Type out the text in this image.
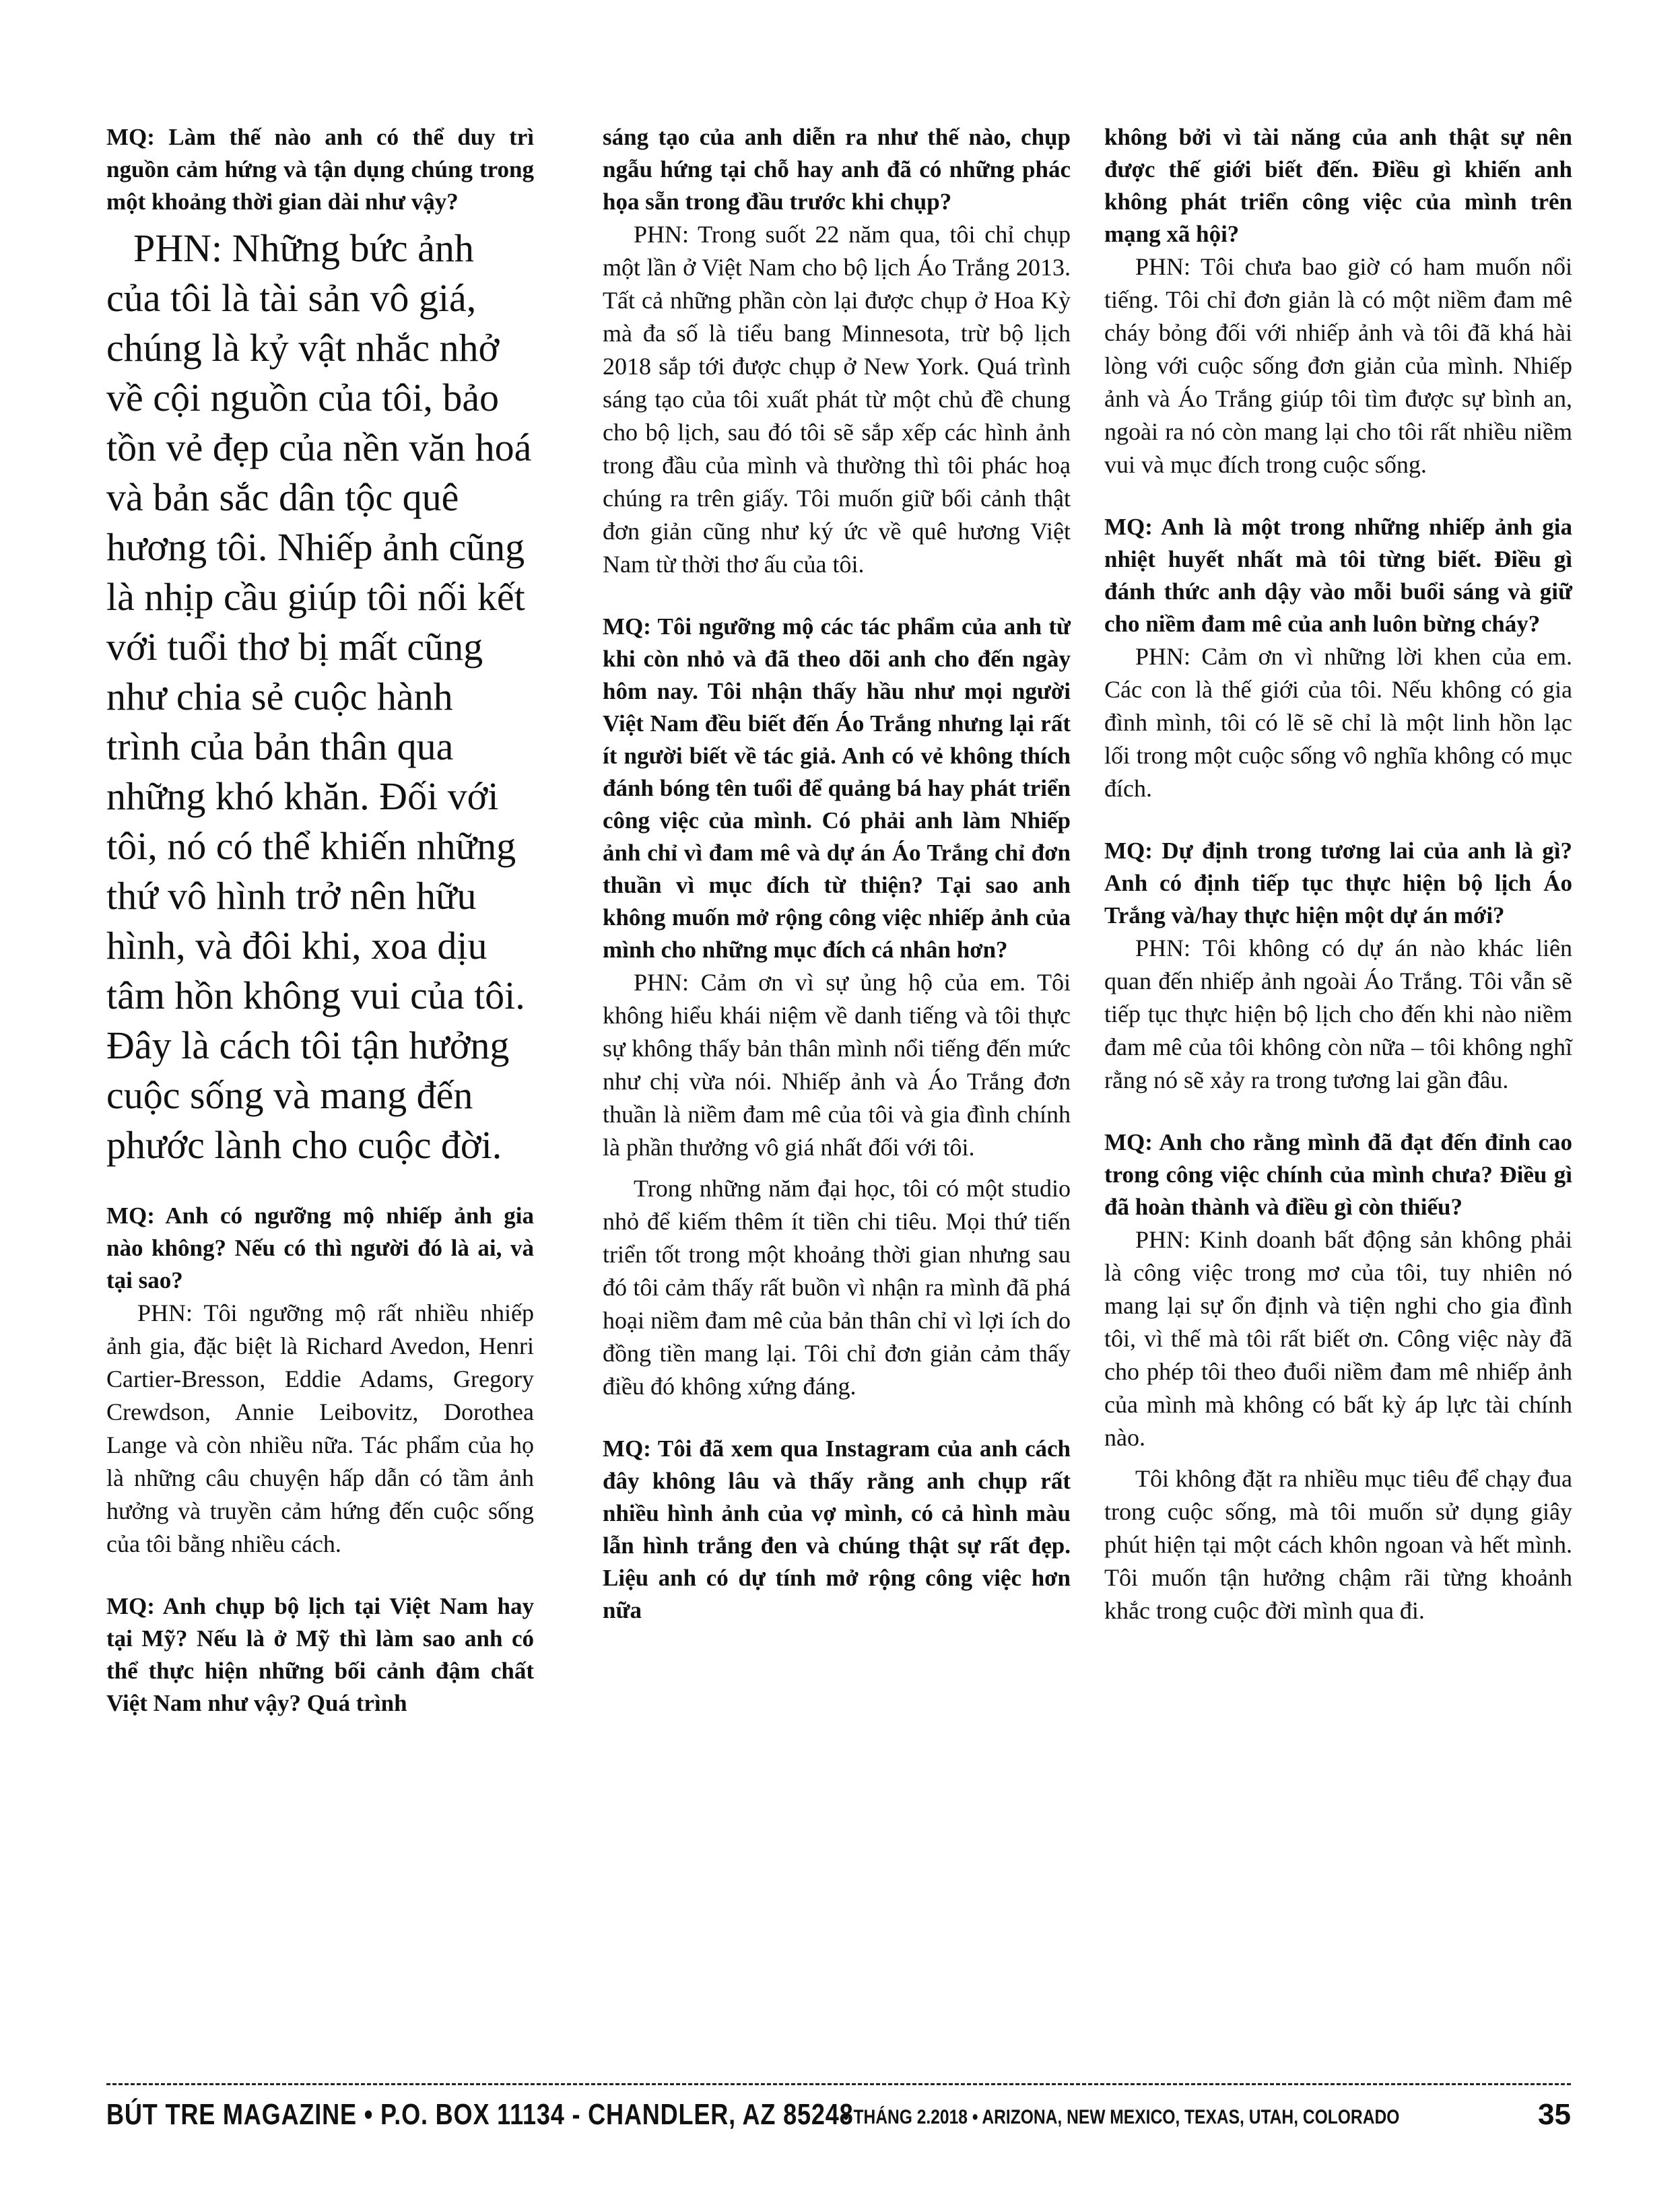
MQ: Làm thế nào anh có thể duy trì nguồn cảm hứng và tận dụng chúng trong một khoảng thời gian dài như vậy?

PHN: Những bức ảnh của tôi là tài sản vô giá, chúng là kỷ vật nhắc nhở về cội nguồn của tôi, bảo tồn vẻ đẹp của nền văn hoá và bản sắc dân tộc quê hương tôi. Nhiếp ảnh cũng là nhịp cầu giúp tôi nối kết với tuổi thơ bị mất cũng như chia sẻ cuộc hành trình của bản thân qua những khó khăn. Đối với tôi, nó có thể khiến những thứ vô hình trở nên hữu hình, và đôi khi, xoa dịu tâm hồn không vui của tôi. Đây là cách tôi tận hưởng cuộc sống và mang đến phước lành cho cuộc đời.

MQ: Anh có ngưỡng mộ nhiếp ảnh gia nào không? Nếu có thì người đó là ai, và tại sao?

PHN: Tôi ngưỡng mộ rất nhiều nhiếp ảnh gia, đặc biệt là Richard Avedon, Henri Cartier-Bresson, Eddie Adams, Gregory Crewdson, Annie Leibovitz, Dorothea Lange và còn nhiều nữa. Tác phẩm của họ là những câu chuyện hấp dẫn có tầm ảnh hưởng và truyền cảm hứng đến cuộc sống của tôi bằng nhiều cách.

MQ: Anh chụp bộ lịch tại Việt Nam hay tại Mỹ? Nếu là ở Mỹ thì làm sao anh có thể thực hiện những bối cảnh đậm chất Việt Nam như vậy? Quá trình

sáng tạo của anh diễn ra như thế nào, chụp ngẫu hứng tại chỗ hay anh đã có những phác họa sẵn trong đầu trước khi chụp?

PHN: Trong suốt 22 năm qua, tôi chỉ chụp một lần ở Việt Nam cho bộ lịch Áo Trắng 2013. Tất cả những phần còn lại được chụp ở Hoa Kỳ mà đa số là tiểu bang Minnesota, trừ bộ lịch 2018 sắp tới được chụp ở New York. Quá trình sáng tạo của tôi xuất phát từ một chủ đề chung cho bộ lịch, sau đó tôi sẽ sắp xếp các hình ảnh trong đầu của mình và thường thì tôi phác hoạ chúng ra trên giấy. Tôi muốn giữ bối cảnh thật đơn giản cũng như ký ức về quê hương Việt Nam từ thời thơ ấu của tôi.

MQ: Tôi ngưỡng mộ các tác phẩm của anh từ khi còn nhỏ và đã theo dõi anh cho đến ngày hôm nay. Tôi nhận thấy hầu như mọi người Việt Nam đều biết đến Áo Trắng nhưng lại rất ít người biết về tác giả. Anh có vẻ không thích đánh bóng tên tuổi để quảng bá hay phát triển công việc của mình. Có phải anh làm Nhiếp ảnh chỉ vì đam mê và dự án Áo Trắng chỉ đơn thuần vì mục đích từ thiện? Tại sao anh không muốn mở rộng công việc nhiếp ảnh của mình cho những mục đích cá nhân hơn?

PHN: Cảm ơn vì sự ủng hộ của em. Tôi không hiểu khái niệm về danh tiếng và tôi thực sự không thấy bản thân mình nổi tiếng đến mức như chị vừa nói. Nhiếp ảnh và Áo Trắng đơn thuần là niềm đam mê của tôi và gia đình chính là phần thưởng vô giá nhất đối với tôi.

Trong những năm đại học, tôi có một studio nhỏ để kiếm thêm ít tiền chi tiêu. Mọi thứ tiến triển tốt trong một khoảng thời gian nhưng sau đó tôi cảm thấy rất buồn vì nhận ra mình đã phá hoại niềm đam mê của bản thân chỉ vì lợi ích do đồng tiền mang lại. Tôi chỉ đơn giản cảm thấy điều đó không xứng đáng.

MQ: Tôi đã xem qua Instagram của anh cách đây không lâu và thấy rằng anh chụp rất nhiều hình ảnh của vợ mình, có cả hình màu lẫn hình trắng đen và chúng thật sự rất đẹp. Liệu anh có dự tính mở rộng công việc hơn nữa

không bởi vì tài năng của anh thật sự nên được thế giới biết đến. Điều gì khiến anh không phát triển công việc của mình trên mạng xã hội?

PHN: Tôi chưa bao giờ có ham muốn nổi tiếng. Tôi chỉ đơn giản là có một niềm đam mê cháy bỏng đối với nhiếp ảnh và tôi đã khá hài lòng với cuộc sống đơn giản của mình. Nhiếp ảnh và Áo Trắng giúp tôi tìm được sự bình an, ngoài ra nó còn mang lại cho tôi rất nhiều niềm vui và mục đích trong cuộc sống.

MQ: Anh là một trong những nhiếp ảnh gia nhiệt huyết nhất mà tôi từng biết. Điều gì đánh thức anh dậy vào mỗi buổi sáng và giữ cho niềm đam mê của anh luôn bừng cháy?

PHN: Cảm ơn vì những lời khen của em. Các con là thế giới của tôi. Nếu không có gia đình mình, tôi có lẽ sẽ chỉ là một linh hồn lạc lối trong một cuộc sống vô nghĩa không có mục đích.

MQ: Dự định trong tương lai của anh là gì? Anh có định tiếp tục thực hiện bộ lịch Áo Trắng và/hay thực hiện một dự án mới?

PHN: Tôi không có dự án nào khác liên quan đến nhiếp ảnh ngoài Áo Trắng. Tôi vẫn sẽ tiếp tục thực hiện bộ lịch cho đến khi nào niềm đam mê của tôi không còn nữa – tôi không nghĩ rằng nó sẽ xảy ra trong tương lai gần đâu.

MQ: Anh cho rằng mình đã đạt đến đỉnh cao trong công việc chính của mình chưa? Điều gì đã hoàn thành và điều gì còn thiếu?

PHN: Kinh doanh bất động sản không phải là công việc trong mơ của tôi, tuy nhiên nó mang lại sự ổn định và tiện nghi cho gia đình tôi, vì thế mà tôi rất biết ơn. Công việc này đã cho phép tôi theo đuổi niềm đam mê nhiếp ảnh của mình mà không có bất kỳ áp lực tài chính nào.

Tôi không đặt ra nhiều mục tiêu để chạy đua trong cuộc sống, mà tôi muốn sử dụng giây phút hiện tại một cách khôn ngoan và hết mình. Tôi muốn tận hưởng chậm rãi từng khoảnh khắc trong cuộc đời mình qua đi.

BÚT TRE MAGAZINE • P.O. BOX 11134 - CHANDLER, AZ 85248
• THÁNG 2.2018 • ARIZONA, NEW MEXICO, TEXAS, UTAH, COLORADO	35
